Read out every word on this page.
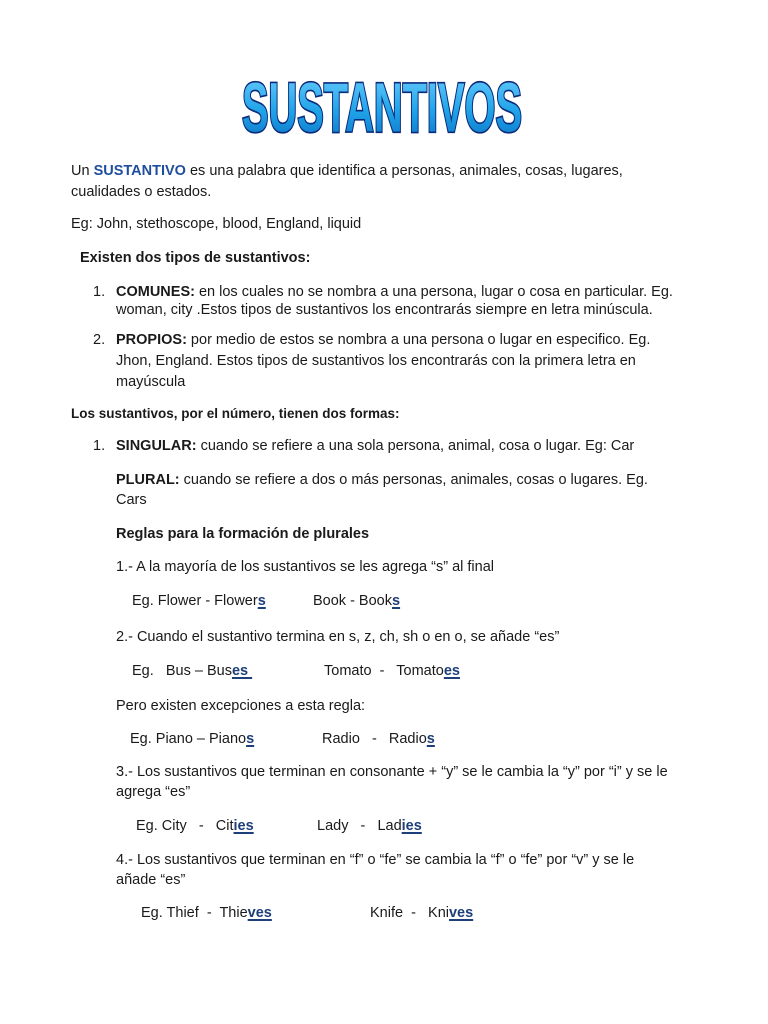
SUSTANTIVOS
Un SUSTANTIVO es una palabra que identifica a personas, animales, cosas, lugares,
cualidades o estados.
Eg: John, stethoscope, blood, England, liquid
Existen dos tipos de sustantivos:
1. COMUNES: en los cuales no se nombra a una persona, lugar o cosa en particular. Eg.
woman, city .Estos tipos de sustantivos los encontrarás siempre en letra minúscula.
2. PROPIOS: por medio de estos se nombra a una persona o lugar en especifico. Eg.
Jhon, England. Estos tipos de sustantivos los encontrarás con la primera letra en
mayúscula
Los sustantivos, por el número, tienen dos formas:
1. SINGULAR: cuando se refiere a una sola persona, animal, cosa o lugar. Eg: Car
PLURAL: cuando se refiere a dos o más personas, animales, cosas o lugares. Eg.
Cars
Reglas para la formación de plurales
1.- A la mayoría de los sustantivos se les agrega “s” al final
Eg. Flower - Flowers	Book - Books
2.- Cuando el sustantivo termina en s, z, ch, sh o en o, se añade “es”
Eg.   Bus – Buses	Tomato  -   Tomatoes
Pero existen excepciones a esta regla:
Eg. Piano – Pianos	Radio   -   Radios
3.- Los sustantivos que terminan en consonante + “y” se le cambia la “y” por “i” y se le
agrega “es”
Eg. City   -   Cities	Lady   -   Ladies
4.- Los sustantivos que terminan en “f” o “fe” se cambia la “f” o “fe” por “v” y se le
añade “es”
Eg. Thief  -  Thieves	Knife  -   Knives
